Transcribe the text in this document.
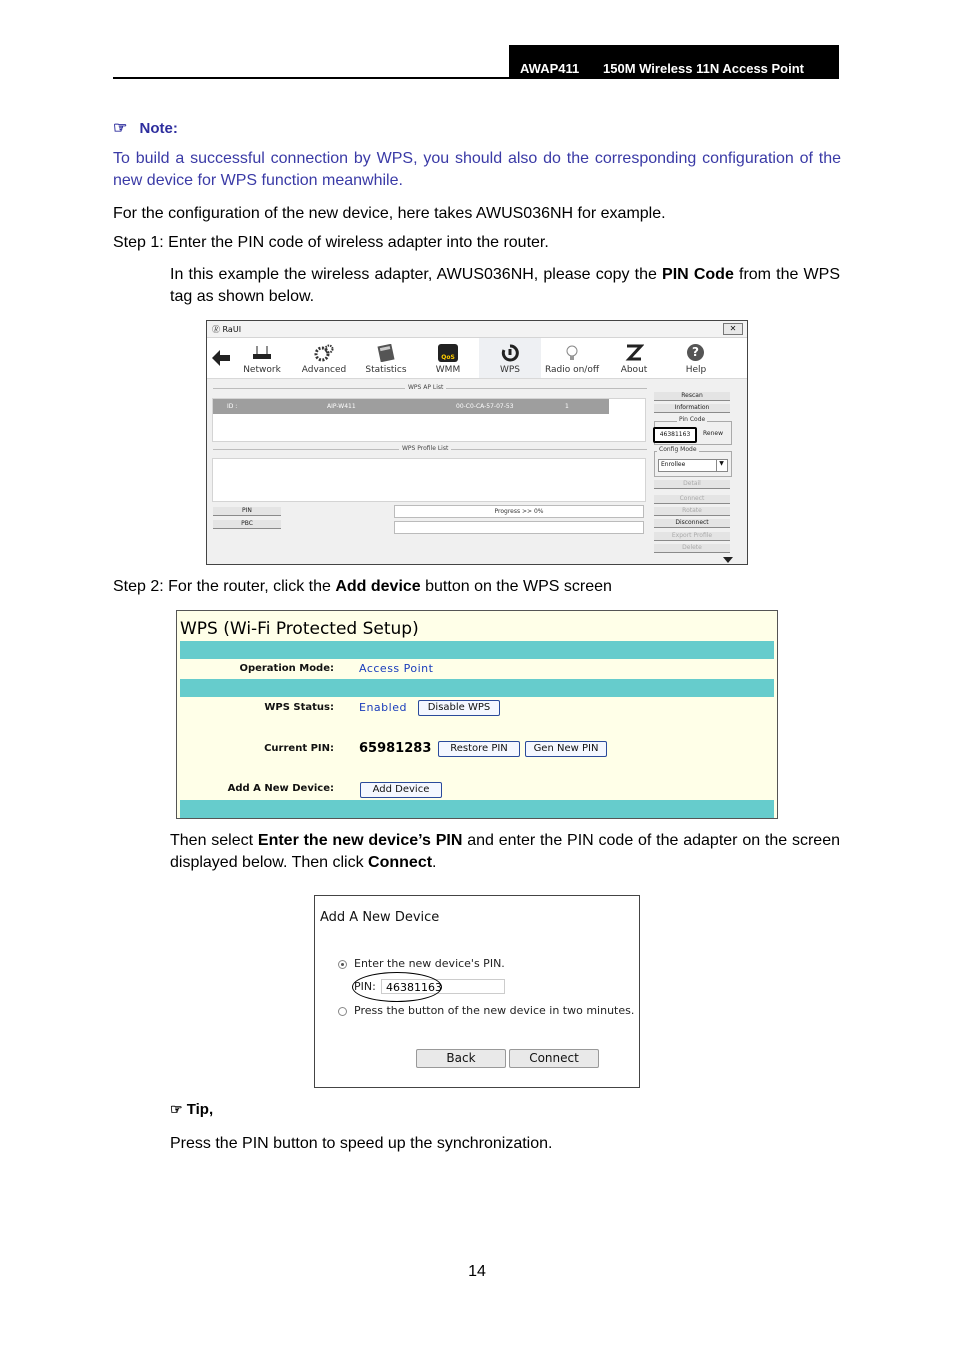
AWAP411 150M Wireless 11N Access Point
☞ Note:
To build a successful connection by WPS, you should also do the corresponding configuration of the new device for WPS function meanwhile.
For the configuration of the new device, here takes AWUS036NH for example.
Step 1: Enter the PIN code of wireless adapter into the router.
In this example the wireless adapter, AWUS036NH, please copy the PIN Code from the WPS tag as shown below.
🄬 RaUI	✕
Network	Advanced	Statistics
QoS
WMM	WPS	Radio on/off	About
?
Help
WPS AP List
ID :	AIP-W411	00-C0-CA-57-07-53	1
WPS Profile List
PIN
PBC
Progress >> 0%
Rescan
Information
Pin Code
46381163	Renew
Config Mode
Enrollee	▼
Detail
Connect
Rotate
Disconnect
Export Profile
Delete
Step 2: For the router, click the Add device button on the WPS screen
WPS (Wi-Fi Protected Setup)
Operation Mode: Access Point
WPS Status: Enabled	Disable WPS
Current PIN: 65981283	Restore PIN	Gen New PIN
Add A New Device:	Add Device
Then select Enter the new device’s PIN and enter the PIN code of the adapter on the screen displayed below. Then click Connect.
Add A New Device
Enter the new device's PIN.
PIN: 46381163
Press the button of the new device in two minutes.
Back	Connect
☞ Tip,
Press the PIN button to speed up the synchronization.
14
